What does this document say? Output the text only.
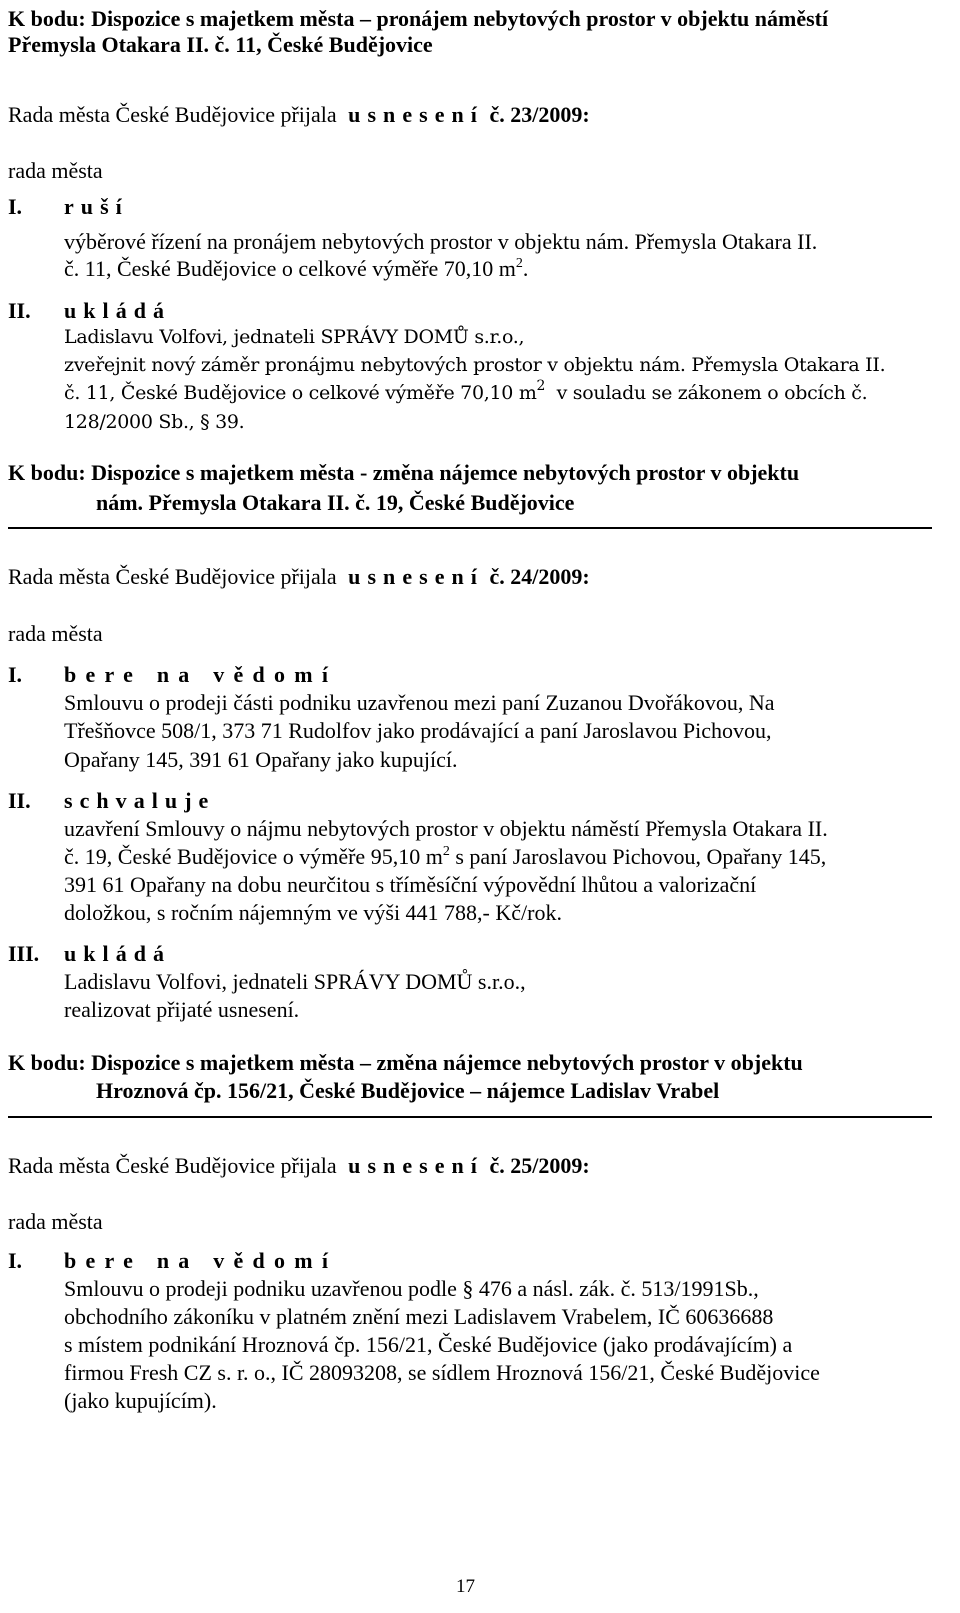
K bodu: Dispozice s majetkem města – pronájem nebytových prostor v objektu náměstí
Přemysla Otakara II. č. 11, České Budějovice
Rada města České Budějovice přijala usnesení č. 23/2009:
rada města
I. ruší
výběrové řízení na pronájem nebytových prostor v objektu nám. Přemysla Otakara II.
č. 11, České Budějovice o celkové výměře 70,10 $m^2$.
II. ukládá
Ladislavu Volfovi, jednateli SPRÁVY DOMŮ s.r.o.,
zveřejnit nový záměr pronájmu nebytových prostor v objektu nám. Přemysla Otakara II.
č. 11, České Budějovice o celkové výměře 70,10 $m^2$  v souladu se zákonem o obcích č.
128/2000 Sb., § 39.
K bodu: Dispozice s majetkem města - změna nájemce nebytových prostor v objektu
nám. Přemysla Otakara II. č. 19, České Budějovice
Rada města České Budějovice přijala usnesení č. 24/2009:
rada města
I. bere na vědomí
Smlouvu o prodeji části podniku uzavřenou mezi paní Zuzanou Dvořákovou, Na
Třešňovce 508/1, 373 71 Rudolfov jako prodávající a paní Jaroslavou Pichovou,
Opařany 145, 391 61 Opařany jako kupující.
II. schvaluje
uzavření Smlouvy o nájmu nebytových prostor v objektu náměstí Přemysla Otakara II.
č. 19, České Budějovice o výměře 95,10 $m^2$ s paní Jaroslavou Pichovou, Opařany 145,
391 61 Opařany na dobu neurčitou s tříměsíční výpovědní lhůtou a valorizační
doložkou, s ročním nájemným ve výši 441 788,- Kč/rok.
III. ukládá
Ladislavu Volfovi, jednateli SPRÁVY DOMŮ s.r.o.,
realizovat přijaté usnesení.
K bodu: Dispozice s majetkem města – změna nájemce nebytových prostor v objektu
Hroznová čp. 156/21, České Budějovice – nájemce Ladislav Vrabel
Rada města České Budějovice přijala usnesení č. 25/2009:
rada města
I. bere na vědomí
Smlouvu o prodeji podniku uzavřenou podle § 476 a násl. zák. č. 513/1991Sb.,
obchodního zákoníku v platném znění mezi Ladislavem Vrabelem, IČ 60636688
s místem podnikání Hroznová čp. 156/21, České Budějovice (jako prodávajícím) a
firmou Fresh CZ s. r. o., IČ 28093208, se sídlem Hroznová 156/21, České Budějovice
(jako kupujícím).
17
